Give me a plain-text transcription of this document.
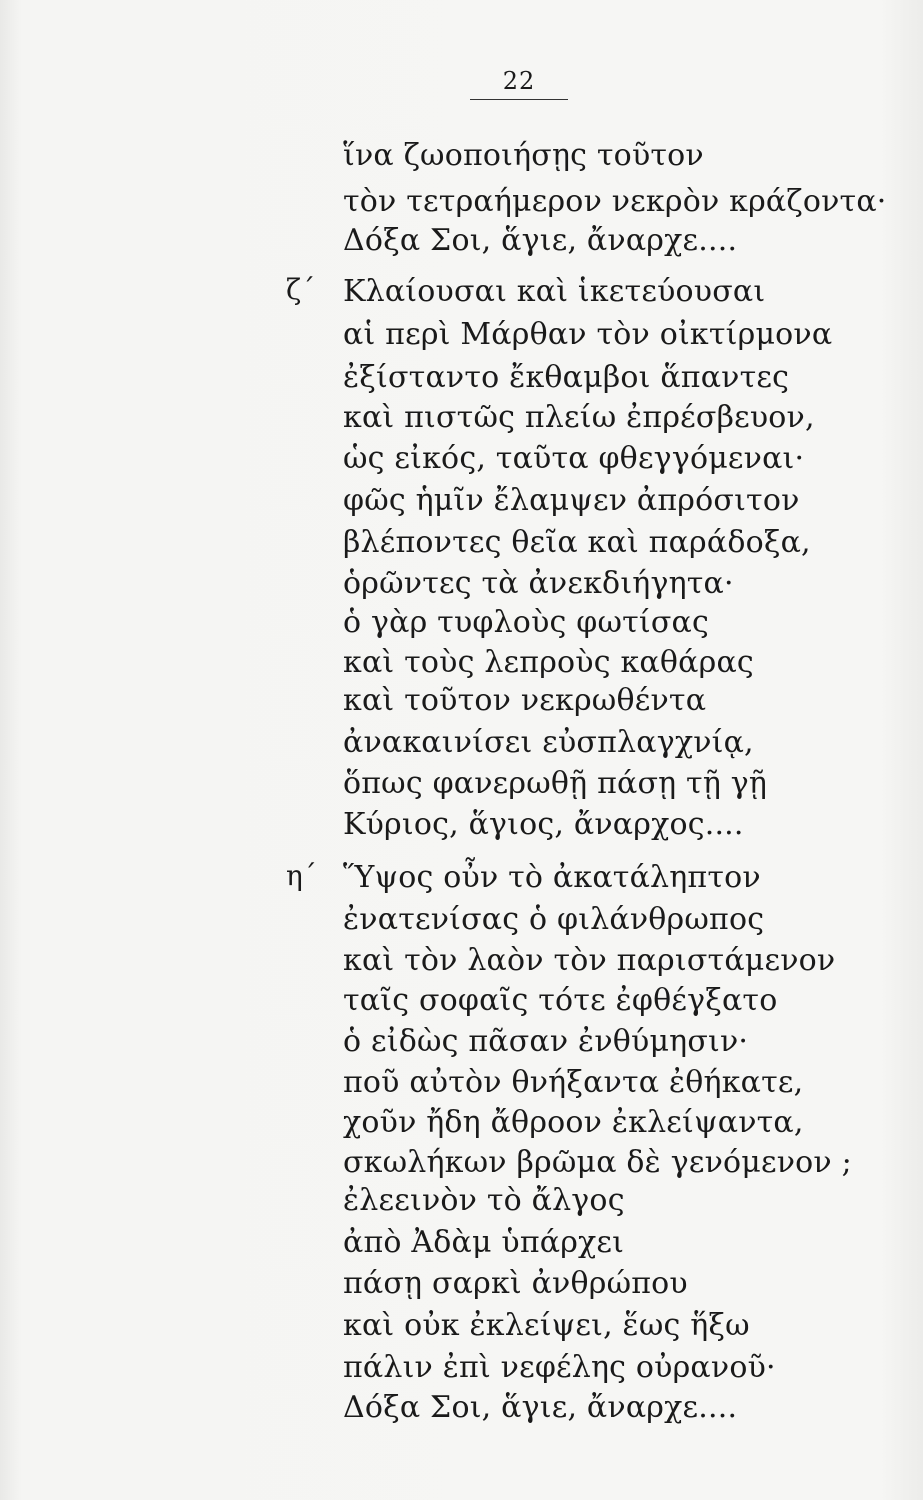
22
ἵνα ζωοποιήσῃς τοῦτον
τὸν τετραήμερον νεκρὸν κράζοντα·
Δόξα Σοι, ἅγιε, ἄναρχε....
ζ΄ Κλαίουσαι καὶ ἱκετεύουσαι
αἱ περὶ Μάρθαν τὸν οἰκτίρμονα
ἐξίσταντο ἔκθαμβοι ἅπαντες
καὶ πιστῶς πλείω ἐπρέσβευον,
ὡς εἰκός, ταῦτα φθεγγόμεναι·
φῶς ἡμῖν ἔλαμψεν ἀπρόσιτον
βλέποντες θεῖα καὶ παράδοξα,
ὁρῶντες τὰ ἀνεκδιήγητα·
ὁ γὰρ τυφλοὺς φωτίσας
καὶ τοὺς λεπροὺς καθάρας
καὶ τοῦτον νεκρωθέντα
ἀνακαινίσει εὐσπλαγχνίᾳ,
ὅπως φανερωθῇ πάσῃ τῇ γῇ
Κύριος, ἅγιος, ἄναρχος....
η΄ Ὕψος οὖν τὸ ἀκατάληπτον
ἐνατενίσας ὁ φιλάνθρωπος
καὶ τὸν λαὸν τὸν παριστάμενον
ταῖς σοφαῖς τότε ἐφθέγξατο
ὁ εἰδὼς πᾶσαν ἐνθύμησιν·
ποῦ αὐτὸν θνήξαντα ἐθήκατε,
χοῦν ἤδη ἄθροον ἐκλείψαντα,
σκωλήκων βρῶμα δὲ γενόμενον ;
ἐλεεινὸν τὸ ἄλγος
ἀπὸ Ἀδὰμ ὑπάρχει
πάσῃ σαρκὶ ἀνθρώπου
καὶ οὐκ ἐκλείψει, ἕως ἥξω
πάλιν ἐπὶ νεφέλης οὐρανοῦ·
Δόξα Σοι, ἅγιε, ἄναρχε....
